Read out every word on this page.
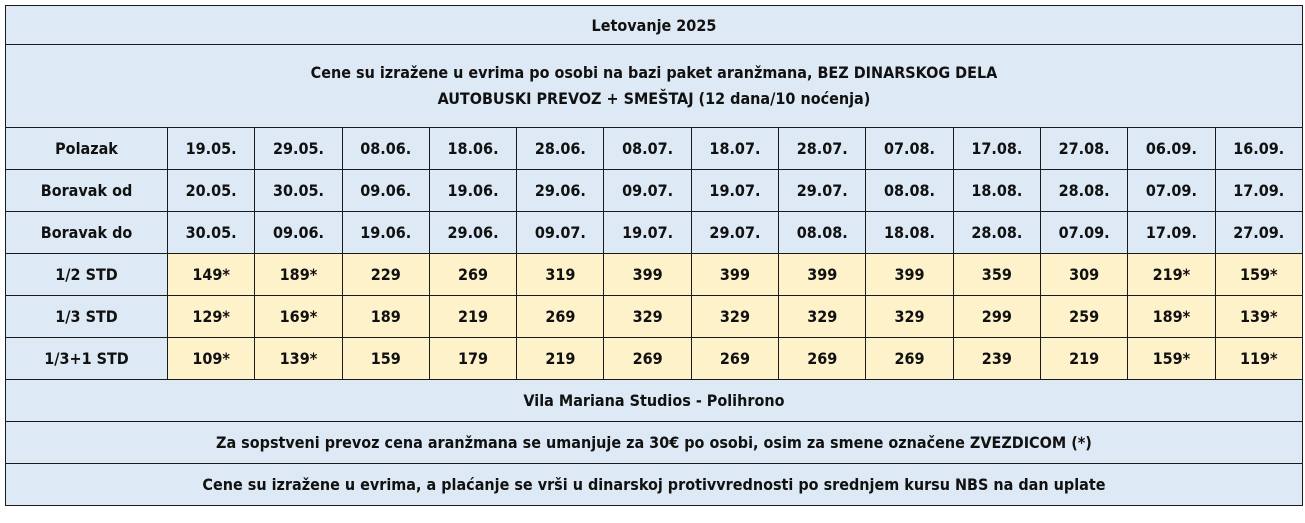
Letovanje 2025													

Cene su izražene u evrima po osobi na bazi paket aranžmana, BEZ DINARSKOG DELA
AUTOBUSKI PREVOZ + SMEŠTAJ (12 dana/10 noćenja)													

Polazak	19.05.	29.05.	08.06.	18.06.	28.06.	08.07.	18.07.	28.07.	07.08.	17.08.	27.08.	06.09.	16.09.
Boravak od	20.05.	30.05.	09.06.	19.06.	29.06.	09.07.	19.07.	29.07.	08.08.	18.08.	28.08.	07.09.	17.09.
Boravak do	30.05.	09.06.	19.06.	29.06.	09.07.	19.07.	29.07.	08.08.	18.08.	28.08.	07.09.	17.09.	27.09.
1/2 STD	149*	189*	229	269	319	399	399	399	399	359	309	219*	159*
1/3 STD	129*	169*	189	219	269	329	329	329	329	299	259	189*	139*
1/3+1 STD	109*	139*	159	179	219	269	269	269	269	239	219	159*	119*
Vila Mariana Studios - Polihrono													
Za sopstveni prevoz cena aranžmana se umanjuje za 30€ po osobi, osim za smene označene ZVEZDICOM (*)													
Cene su izražene u evrima, a plaćanje se vrši u dinarskoj protivvrednosti po srednjem kursu NBS na dan uplate													
